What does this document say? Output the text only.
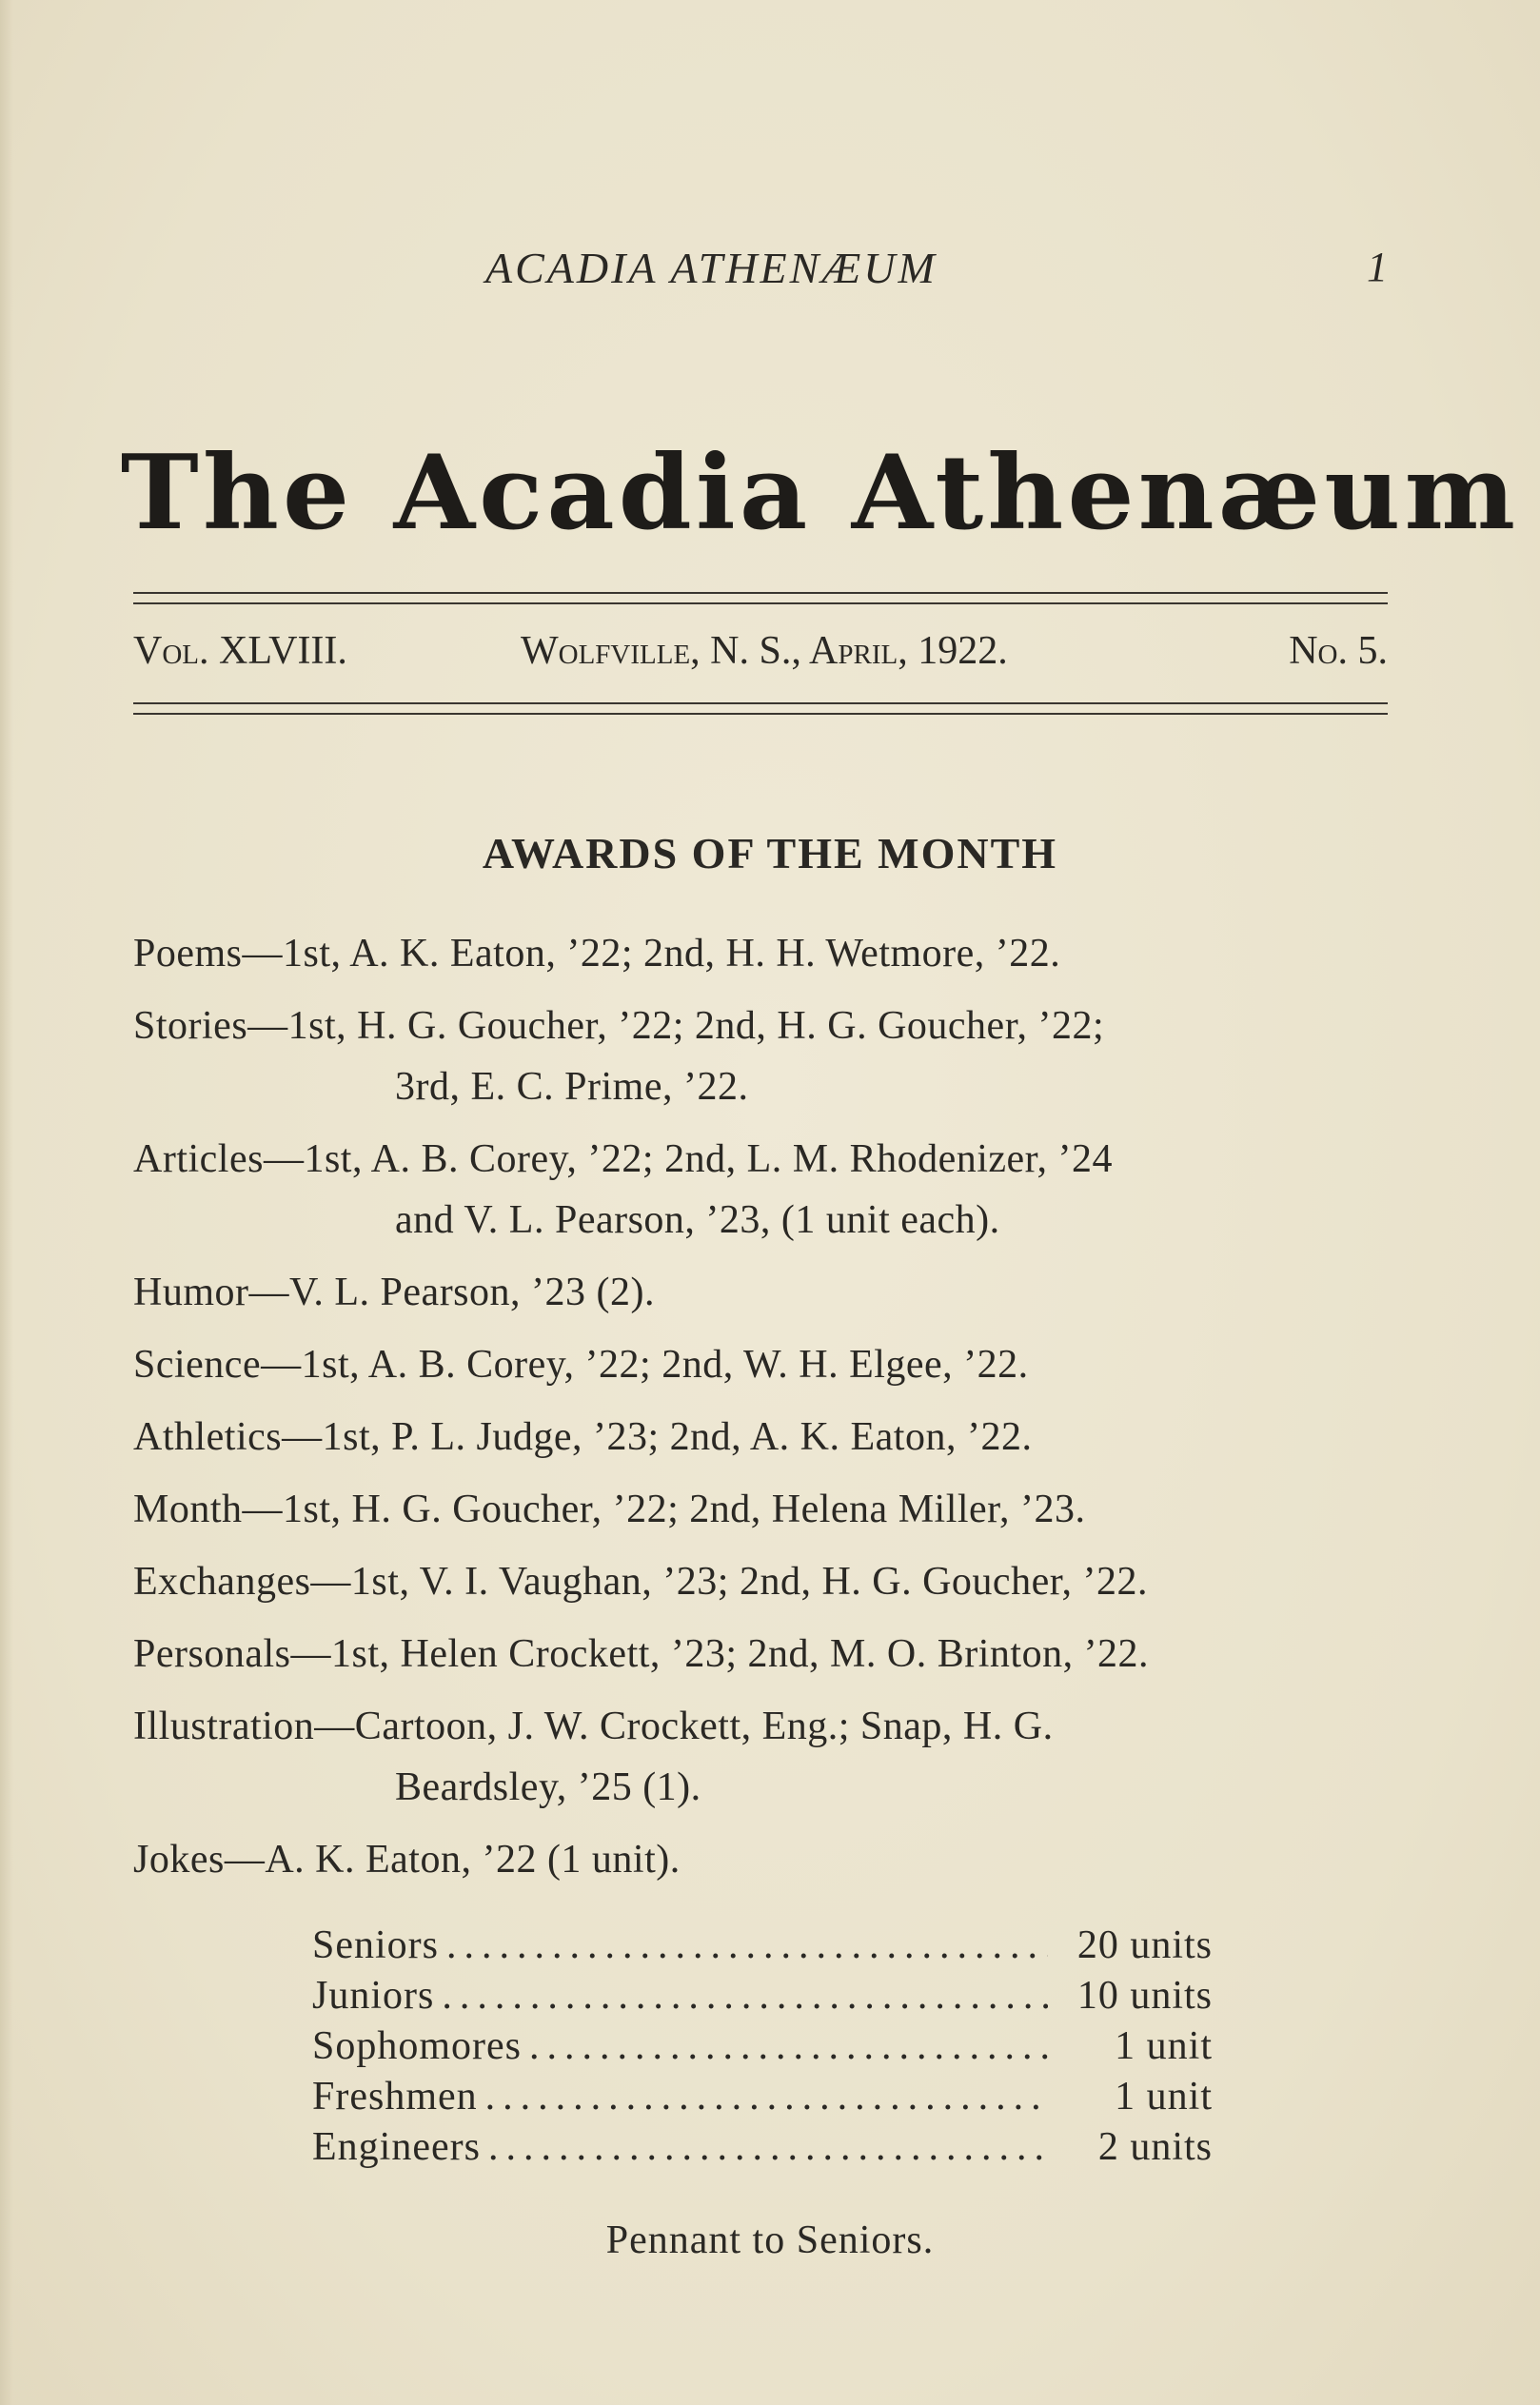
ACADIA ATHENÆUM	1
The Acadia Athenæum
Vol. XLVIII.	Wolfville, N. S., April, 1922.	No. 5.
AWARDS OF THE MONTH
Poems—1st, A. K. Eaton, ’22; 2nd, H. H. Wetmore, ’22.
Stories—1st, H. G. Goucher, ’22; 2nd, H. G. Goucher, ’22;
3rd, E. C. Prime, ’22.
Articles—1st, A. B. Corey, ’22; 2nd, L. M. Rhodenizer, ’24
and V. L. Pearson, ’23, (1 unit each).
Humor—V. L. Pearson, ’23 (2).
Science—1st, A. B. Corey, ’22; 2nd, W. H. Elgee, ’22.
Athletics—1st, P. L. Judge, ’23; 2nd, A. K. Eaton, ’22.
Month—1st, H. G. Goucher, ’22; 2nd, Helena Miller, ’23.
Exchanges—1st, V. I. Vaughan, ’23; 2nd, H. G. Goucher, ’22.
Personals—1st, Helen Crockett, ’23; 2nd, M. O. Brinton, ’22.
Illustration—Cartoon, J. W. Crockett, Eng.; Snap, H. G.
Beardsley, ’25 (1).
Jokes—A. K. Eaton, ’22 (1 unit).
Seniors .....	20 units
Juniors .....	10 units
Sophomores .....	1 unit
Freshmen .....	1 unit
Engineers .....	2 units
Pennant to Seniors.
